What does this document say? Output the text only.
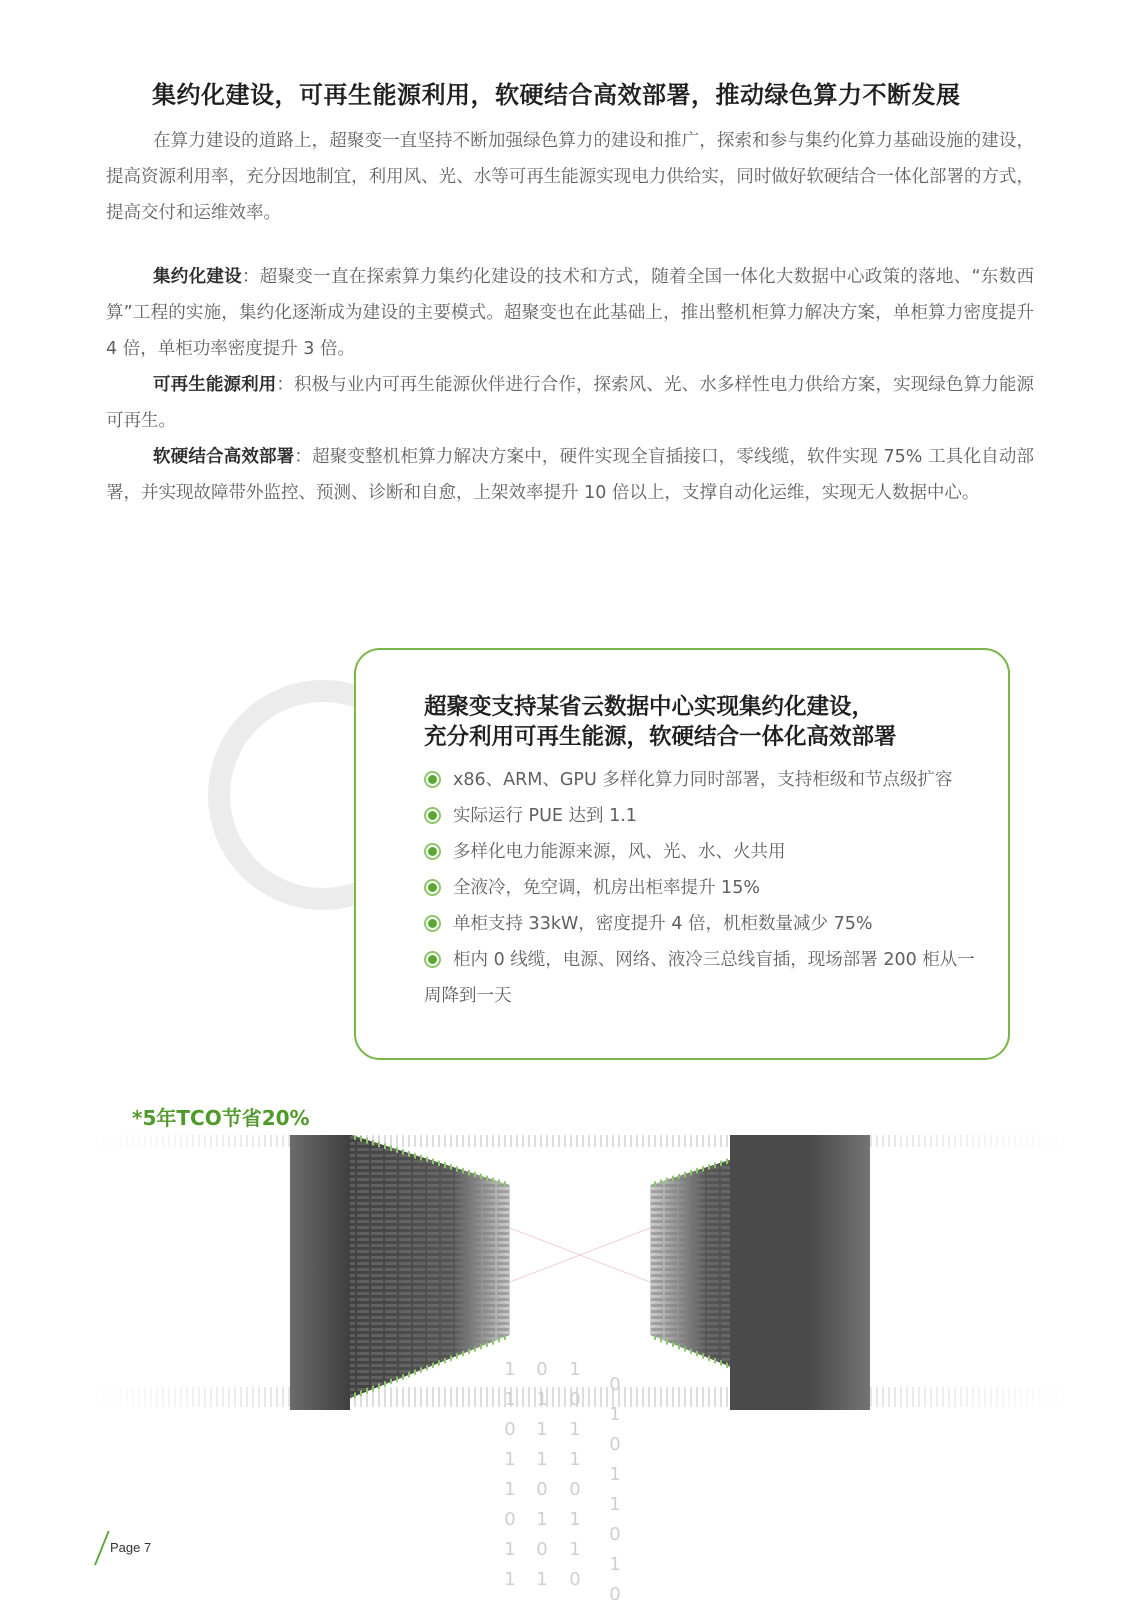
集约化建设，可再生能源利用，软硬结合高效部署，推动绿色算力不断发展

在算力建设的道路上，超聚变一直坚持不断加强绿色算力的建设和推广，探索和参与集约化算力基础设施的建设，提高资源利用率，充分因地制宜，利用风、光、水等可再生能源实现电力供给实，同时做好软硬结合一体化部署的方式，提高交付和运维效率。

集约化建设：超聚变一直在探索算力集约化建设的技术和方式，随着全国一体化大数据中心政策的落地、“东数西算”工程的实施，集约化逐渐成为建设的主要模式。超聚变也在此基础上，推出整机柜算力解决方案，单柜算力密度提升 4 倍，单柜功率密度提升 3 倍。

可再生能源利用：积极与业内可再生能源伙伴进行合作，探索风、光、水多样性电力供给方案，实现绿色算力能源可再生。

软硬结合高效部署：超聚变整机柜算力解决方案中，硬件实现全盲插接口，零线缆，软件实现 75% 工具化自动部署，并实现故障带外监控、预测、诊断和自愈，上架效率提升 10 倍以上，支撑自动化运维，实现无人数据中心。

超聚变支持某省云数据中心实现集约化建设，
充分利用可再生能源，软硬结合一体化高效部署
x86、ARM、GPU 多样化算力同时部署，支持柜级和节点级扩容
实际运行 PUE 达到 1.1
多样化电力能源来源，风、光、水、火共用
全液冷，免空调，机房出柜率提升 15%
单柜支持 33kW，密度提升 4 倍，机柜数量减少 75%
柜内 0 线缆，电源、网络、液冷三总线盲插，现场部署 200 柜从一周降到一天
*5年TCO节省20%
1 0 1
1 1 0
0 1 1
1 1 1
1 0 0
0 1 1
1 0 1
1 1 0
0
1
0
1
1
0
1
0
Page 7
